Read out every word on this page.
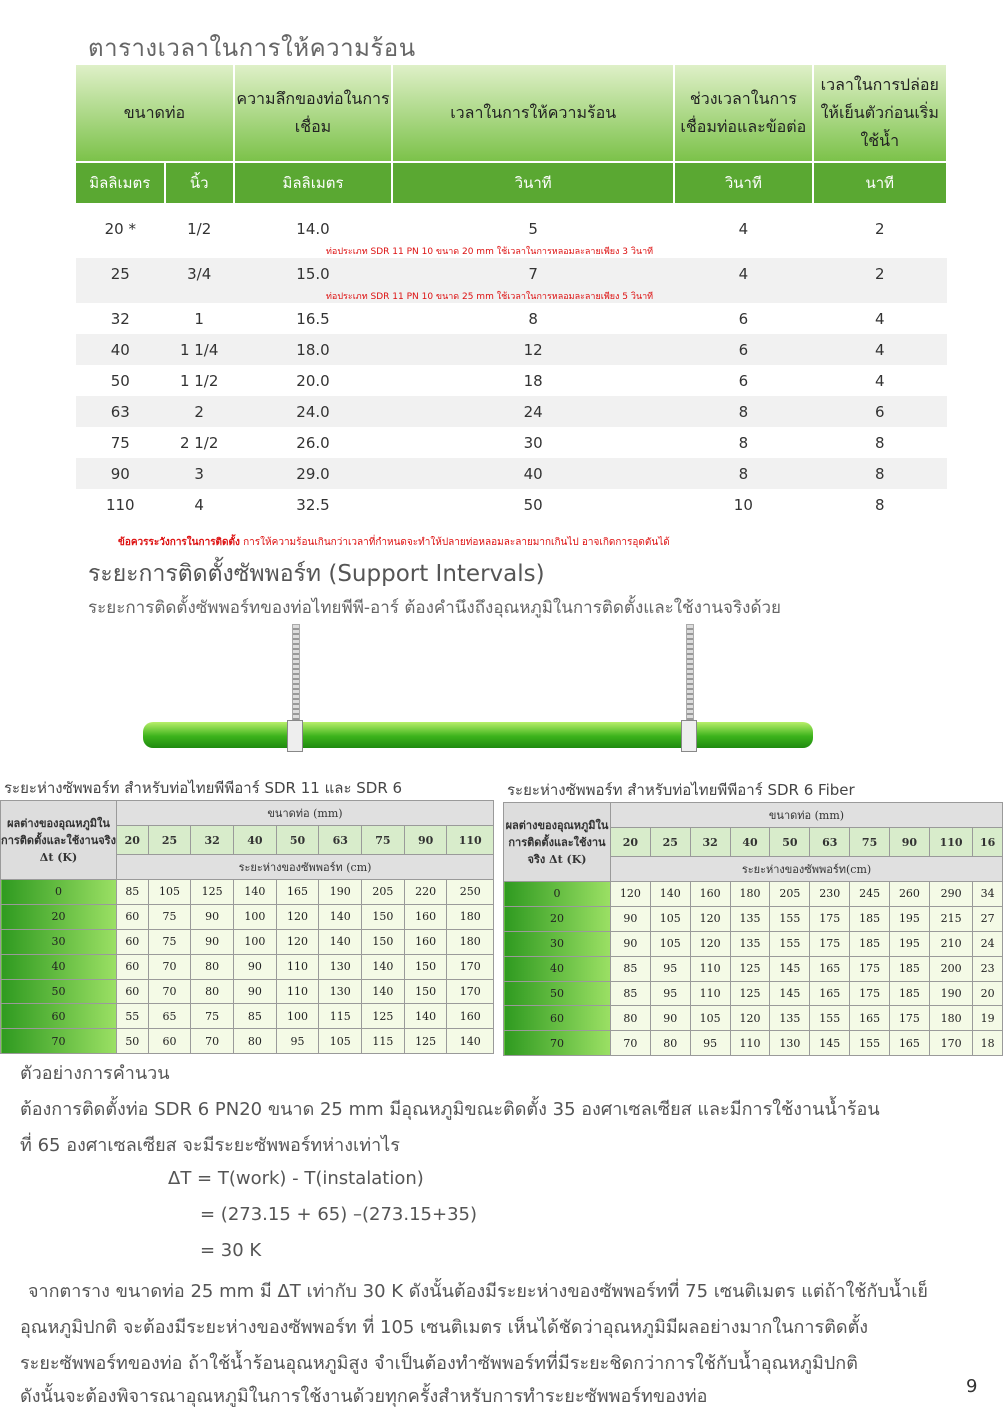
ตารางเวลาในการให้ความร้อน
ขนาดท่อ		ความลึกของท่อในการเชื่อม	เวลาในการให้ความร้อน	ช่วงเวลาในการเชื่อมท่อและข้อต่อ	เวลาในการปล่อยให้เย็นตัวก่อนเริ่มใช้น้ำ
มิลลิเมตร	นิ้ว	มิลลิเมตร	วินาที	วินาที	นาที

20 *	1/2	14.0	5	4	2
ท่อประเภท SDR 11 PN 10 ขนาด 20 mm ใช้เวลาในการหลอมละลายเพียง 3 วินาที					
25	3/4	15.0	7	4	2
ท่อประเภท SDR 11 PN 10 ขนาด 25 mm ใช้เวลาในการหลอมละลายเพียง 5 วินาที					
32	1	16.5	8	6	4
40	1 1/4	18.0	12	6	4
50	1 1/2	20.0	18	6	4
63	2	24.0	24	8	6
75	2 1/2	26.0	30	8	8
90	3	29.0	40	8	8
110	4	32.5	50	10	8
ข้อควรระวังการในการติดตั้ง การให้ความร้อนเกินกว่าเวลาที่กำหนดจะทำให้ปลายท่อหลอมละลายมากเกินไป อาจเกิดการอุดตันได้
ระยะการติดตั้งซัพพอร์ท (Support Intervals)
ระยะการติดตั้งซัพพอร์ทของท่อไทยพีพี-อาร์ ต้องคำนึงถึงอุณหภูมิในการติดตั้งและใช้งานจริงด้วย
ระยะห่างซัพพอร์ท สำหรับท่อไทยพีพีอาร์ SDR 11 และ SDR 6
ผลต่างของอุณหภูมิในการติดตั้งและใช้งานจริง Δt (K)	ขนาดท่อ (mm)								
	20	25	32	40	50	63	75	90	110
	ระยะห่างของซัพพอร์ท (cm)								
0	85	105	125	140	165	190	205	220	250
20	60	75	90	100	120	140	150	160	180
30	60	75	90	100	120	140	150	160	180
40	60	70	80	90	110	130	140	150	170
50	60	70	80	90	110	130	140	150	170
60	55	65	75	85	100	115	125	140	160
70	50	60	70	80	95	105	115	125	140
ระยะห่างซัพพอร์ท สำหรับท่อไทยพีพีอาร์ SDR 6 Fiber
ผลต่างของอุณหภูมิในการติดตั้งและใช้งานจริง Δt (K)	ขนาดท่อ (mm)									
	20	25	32	40	50	63	75	90	110	16
	ระยะห่างของซัพพอร์ท(cm)									
0	120	140	160	180	205	230	245	260	290	34
20	90	105	120	135	155	175	185	195	215	27
30	90	105	120	135	155	175	185	195	210	24
40	85	95	110	125	145	165	175	185	200	23
50	85	95	110	125	145	165	175	185	190	20
60	80	90	105	120	135	155	165	175	180	19
70	70	80	95	110	130	145	155	165	170	18
ตัวอย่างการคำนวน
ต้องการติดตั้งท่อ SDR 6 PN20 ขนาด 25 mm มีอุณหภูมิขณะติดตั้ง 35 องศาเซลเซียส และมีการใช้งานน้ำร้อน
ที่ 65 องศาเซลเซียส จะมีระยะซัพพอร์ทห่างเท่าไร
ΔT = T(work) - T(instalation)
= (273.15 + 65) –(273.15+35)
= 30 K
จากตาราง ขนาดท่อ 25 mm มี ΔT เท่ากับ 30 K ดังนั้นต้องมีระยะห่างของซัพพอร์ทที่ 75 เซนติเมตร แต่ถ้าใช้กับน้ำเย็
อุณหภูมิปกติ จะต้องมีระยะห่างของซัพพอร์ท ที่ 105 เซนติเมตร เห็นได้ชัดว่าอุณหภูมิมีผลอย่างมากในการติดตั้ง
ระยะซัพพอร์ทของท่อ ถ้าใช้น้ำร้อนอุณหภูมิสูง จำเป็นต้องทำซัพพอร์ทที่มีระยะชิดกว่าการใช้กับน้ำอุณหภูมิปกติ
ดังนั้นจะต้องพิจารณาอุณหภูมิในการใช้งานด้วยทุกครั้งสำหรับการทำระยะซัพพอร์ทของท่อ	9
